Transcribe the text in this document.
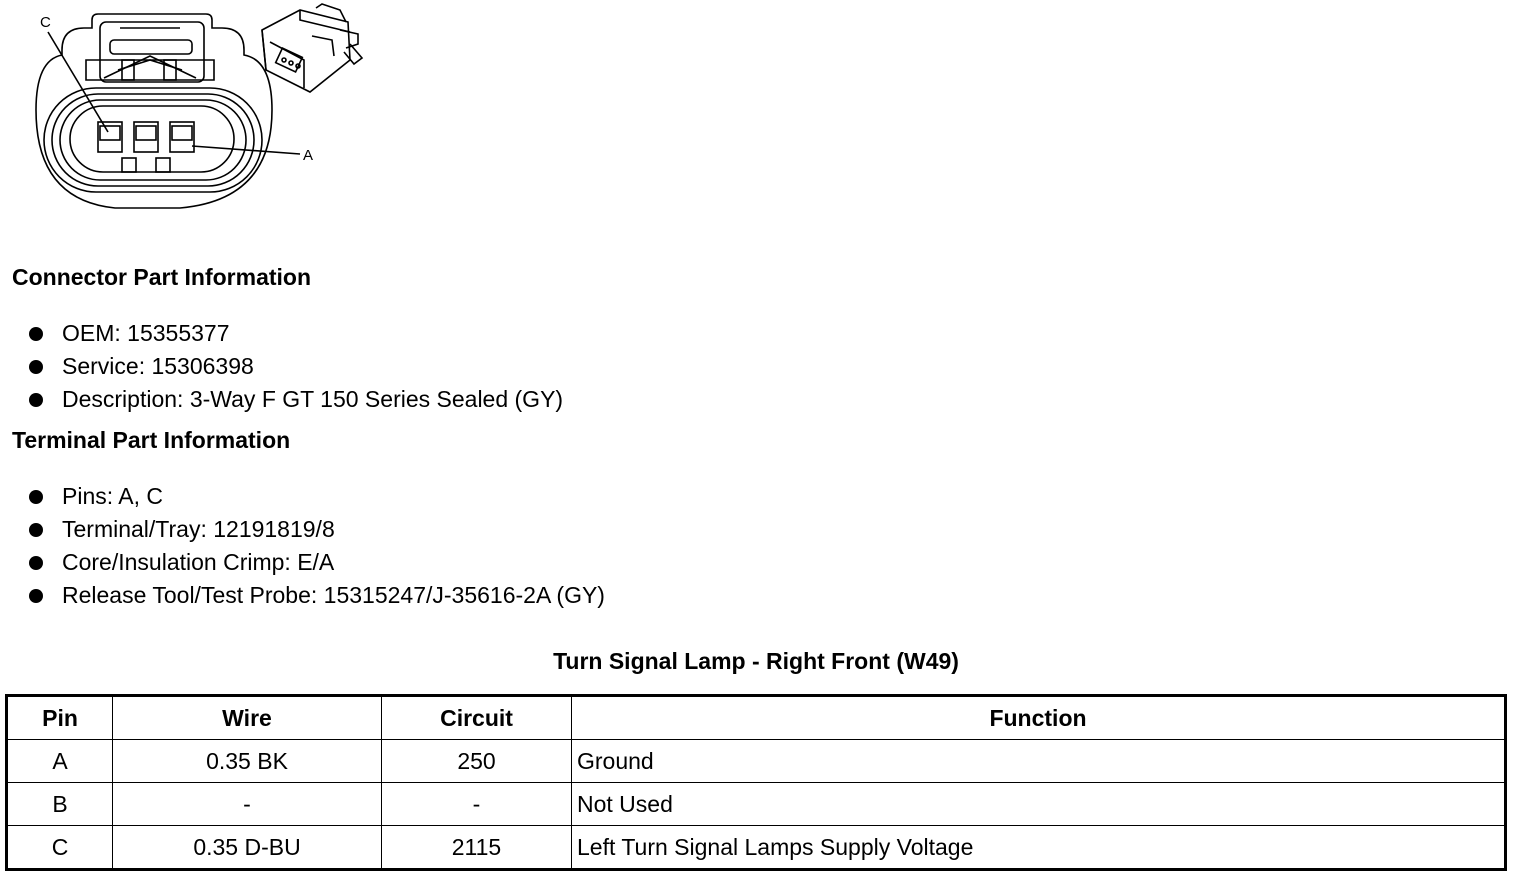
C
A
Connector Part Information
OEM: 15355377
Service: 15306398
Description: 3-Way F GT 150 Series Sealed (GY)
Terminal Part Information
Pins: A, C
Terminal/Tray: 12191819/8
Core/Insulation Crimp: E/A
Release Tool/Test Probe: 15315247/J-35616-2A (GY)
Turn Signal Lamp - Right Front (W49)
Pin	Wire	Circuit	Function
A	0.35 BK	250	Ground
B	-	-	Not Used
C	0.35 D-BU	2115	Left Turn Signal Lamps Supply Voltage
